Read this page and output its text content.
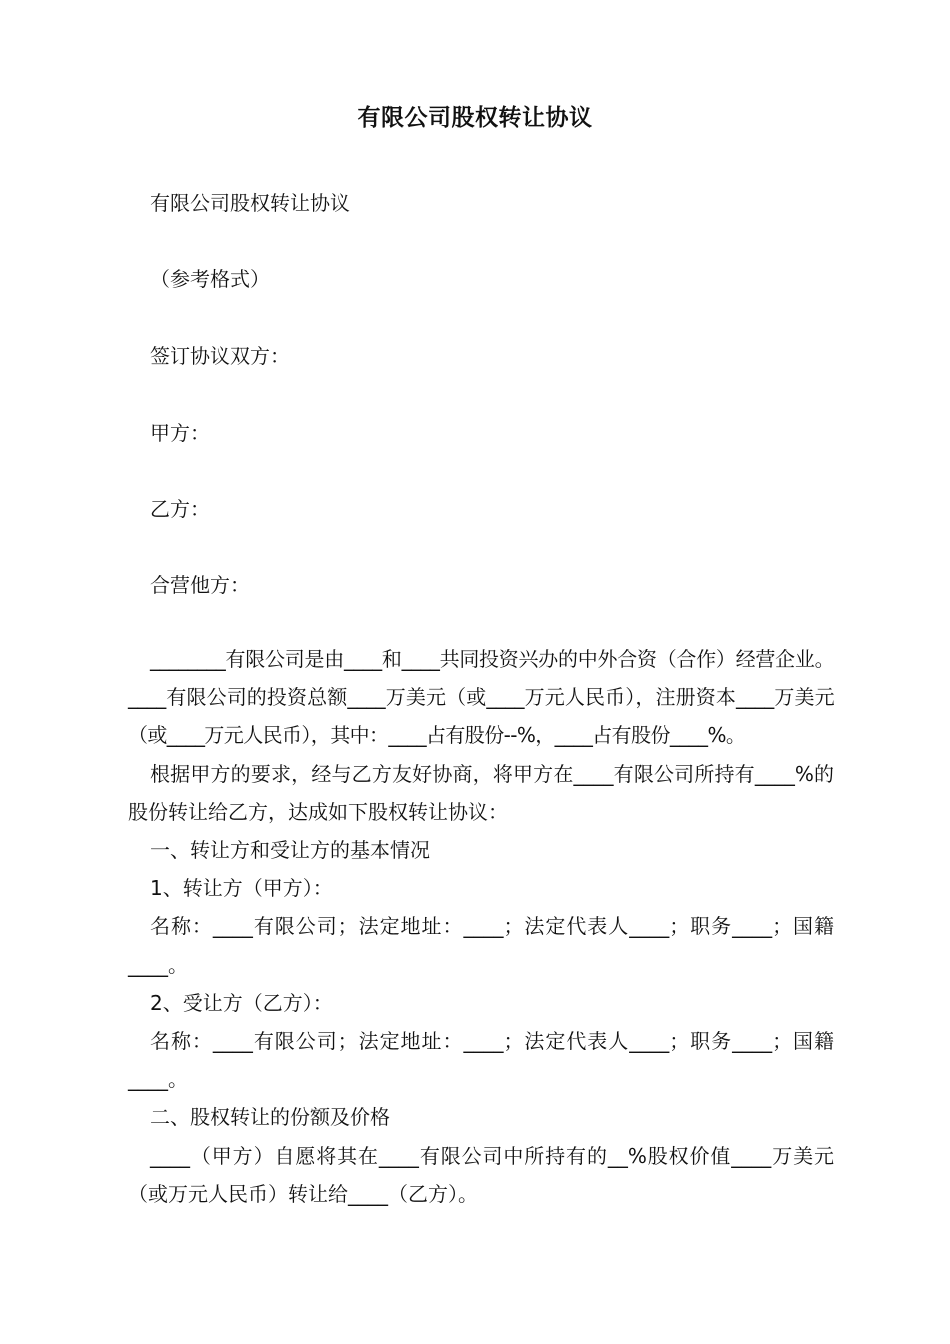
有限公司股权转让协议
有限公司股权转让协议
（参考格式）
签订协议双方：
甲方：
乙方：
合营他方：

________有限公司是由____和____共同投资兴办的中外合资（合作）经营企业。____有限公司的投资总额____万美元（或____万元人民币），注册资本____万美元（或____万元人民币），其中：____占有股份--%，____占有股份____%。

根据甲方的要求，经与乙方友好协商，将甲方在____有限公司所持有____%的股份转让给乙方，达成如下股权转让协议：

一、转让方和受让方的基本情况

1、转让方（甲方）：

名称：____有限公司；法定地址：____；法定代表人____；职务____；国籍____。

2、受让方（乙方）：

名称：____有限公司；法定地址：____；法定代表人____；职务____；国籍____。

二、股权转让的份额及价格

____（甲方）自愿将其在____有限公司中所持有的__%股权价值____万美元（或万元人民币）转让给____（乙方）。
